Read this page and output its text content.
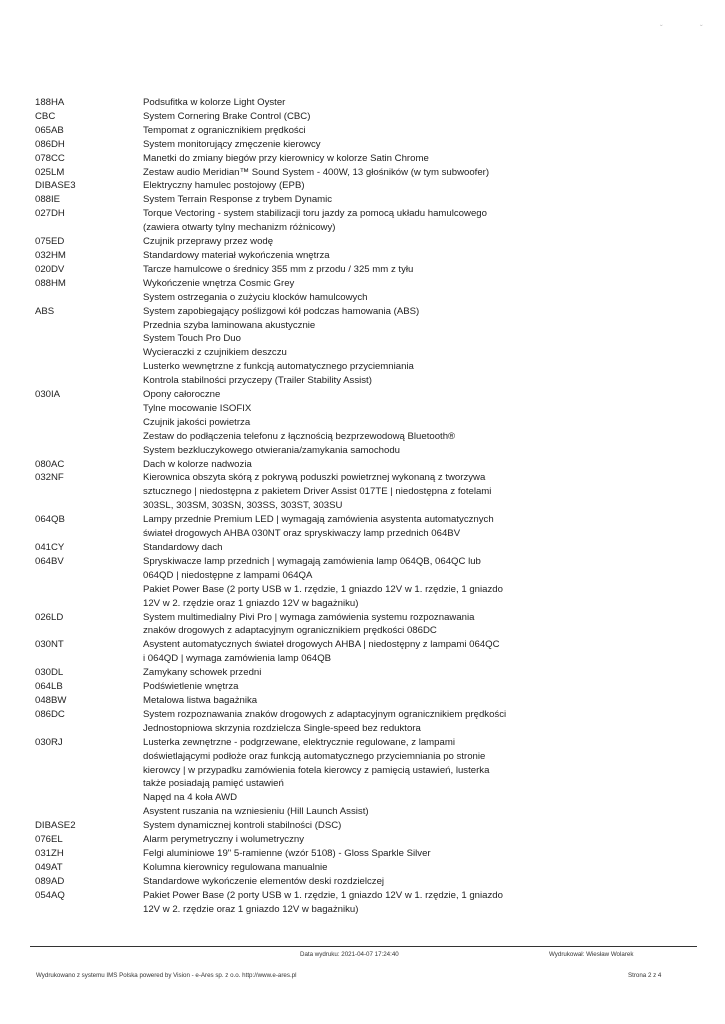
ˇ	ˇ
188HA	Podsufitka w kolorze Light Oyster
CBC	System Cornering Brake Control (CBC)
065AB	Tempomat z ogranicznikiem prędkości
086DH	System monitorujący zmęczenie kierowcy
078CC	Manetki do zmiany biegów przy kierownicy w kolorze Satin Chrome
025LM	Zestaw audio Meridian™ Sound System - 400W, 13 głośników (w tym subwoofer)
DIBASE3	Elektryczny hamulec postojowy (EPB)
088IE	System Terrain Response z trybem Dynamic
027DH	Torque Vectoring - system stabilizacji toru jazdy za pomocą układu hamulcowego
(zawiera otwarty tylny mechanizm różnicowy)
075ED	Czujnik przeprawy przez wodę
032HM	Standardowy materiał wykończenia wnętrza
020DV	Tarcze hamulcowe o średnicy 355 mm z przodu / 325 mm z tyłu
088HM	Wykończenie wnętrza Cosmic Grey
System ostrzegania o zużyciu klocków hamulcowych
ABS	System zapobiegający poślizgowi kół podczas hamowania (ABS)
Przednia szyba laminowana akustycznie
System Touch Pro Duo
Wycieraczki z czujnikiem deszczu
Lusterko wewnętrzne z funkcją automatycznego przyciemniania
Kontrola stabilności przyczepy (Trailer Stability Assist)
030IA	Opony całoroczne
Tylne mocowanie ISOFIX
Czujnik jakości powietrza
Zestaw do podłączenia telefonu z łącznością bezprzewodową Bluetooth®
System bezkluczykowego otwierania/zamykania samochodu
080AC	Dach w kolorze nadwozia
032NF	Kierownica obszyta skórą z pokrywą poduszki powietrznej wykonaną z tworzywa
sztucznego | niedostępna z pakietem Driver Assist 017TE | niedostępna z fotelami
303SL, 303SM, 303SN, 303SS, 303ST, 303SU
064QB	Lampy przednie Premium LED | wymagają zamówienia asystenta automatycznych
świateł drogowych AHBA 030NT oraz spryskiwaczy lamp przednich 064BV
041CY	Standardowy dach
064BV	Spryskiwacze lamp przednich | wymagają zamówienia lamp 064QB, 064QC lub
064QD | niedostępne z lampami 064QA
Pakiet Power Base (2 porty USB w 1. rzędzie, 1 gniazdo 12V w 1. rzędzie, 1 gniazdo
12V w 2. rzędzie oraz 1 gniazdo 12V w bagażniku)
026LD	System multimedialny Pivi Pro | wymaga zamówienia systemu rozpoznawania
znaków drogowych z adaptacyjnym ogranicznikiem prędkości 086DC
030NT	Asystent automatycznych świateł drogowych AHBA | niedostępny z lampami 064QC
i 064QD | wymaga zamówienia lamp 064QB
030DL	Zamykany schowek przedni
064LB	Podświetlenie wnętrza
048BW	Metalowa listwa bagażnika
086DC	System rozpoznawania znaków drogowych z adaptacyjnym ogranicznikiem prędkości
Jednostopniowa skrzynia rozdzielcza Single-speed bez reduktora
030RJ	Lusterka zewnętrzne - podgrzewane, elektrycznie regulowane, z lampami
doświetlającymi podłoże oraz funkcją automatycznego przyciemniania po stronie
kierowcy | w przypadku zamówienia fotela kierowcy z pamięcią ustawień, lusterka
także posiadają pamięć ustawień
Napęd na 4 koła AWD
Asystent ruszania na wzniesieniu (Hill Launch Assist)
DIBASE2	System dynamicznej kontroli stabilności (DSC)
076EL	Alarm perymetryczny i wolumetryczny
031ZH	Felgi aluminiowe 19" 5-ramienne (wzór 5108) - Gloss Sparkle Silver
049AT	Kolumna kierownicy regulowana manualnie
089AD	Standardowe wykończenie elementów deski rozdzielczej
054AQ	Pakiet Power Base (2 porty USB w 1. rzędzie, 1 gniazdo 12V w 1. rzędzie, 1 gniazdo
12V w 2. rzędzie oraz 1 gniazdo 12V w bagażniku)
Data wydruku: 2021-04-07 17:24:40	Wydrukował: Wiesław Wolarek
Wydrukowano z systemu IMS Polska powered by Vision - e-Ares sp. z o.o. http://www.e-ares.pl	Strona 2 z 4
